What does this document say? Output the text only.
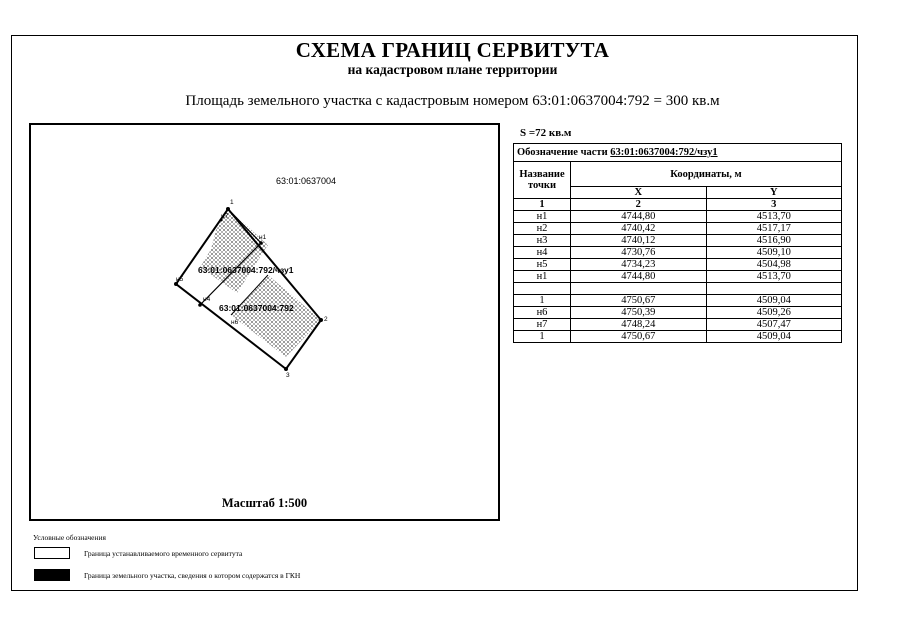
СХЕМА ГРАНИЦ СЕРВИТУТА
на кадастровом плане территории
Площадь земельного участка с кадастровым номером 63:01:0637004:792 = 300 кв.м
63:01:0637004
63:01:0637004:792/чзу1
63:01:0637004:792
1
н1
н7
н5
н4
н6	2
3
Масштаб 1:500
S =72 кв.м
Обозначение части 63:01:0637004:792/чзу1		
Название точки	Координаты, м	
	X	Y
1	2	3
н1	4744,80	4513,70
н2	4740,42	4517,17
н3	4740,12	4516,90
н4	4730,76	4509,10
н5	4734,23	4504,98
н1	4744,80	4513,70

1	4750,67	4509,04
н6	4750,39	4509,26
н7	4748,24	4507,47
1	4750,67	4509,04
Условные обозначения
Граница устанавливаемого временного сервитута
Граница земельного участка, сведения о котором содержатся в ГКН
